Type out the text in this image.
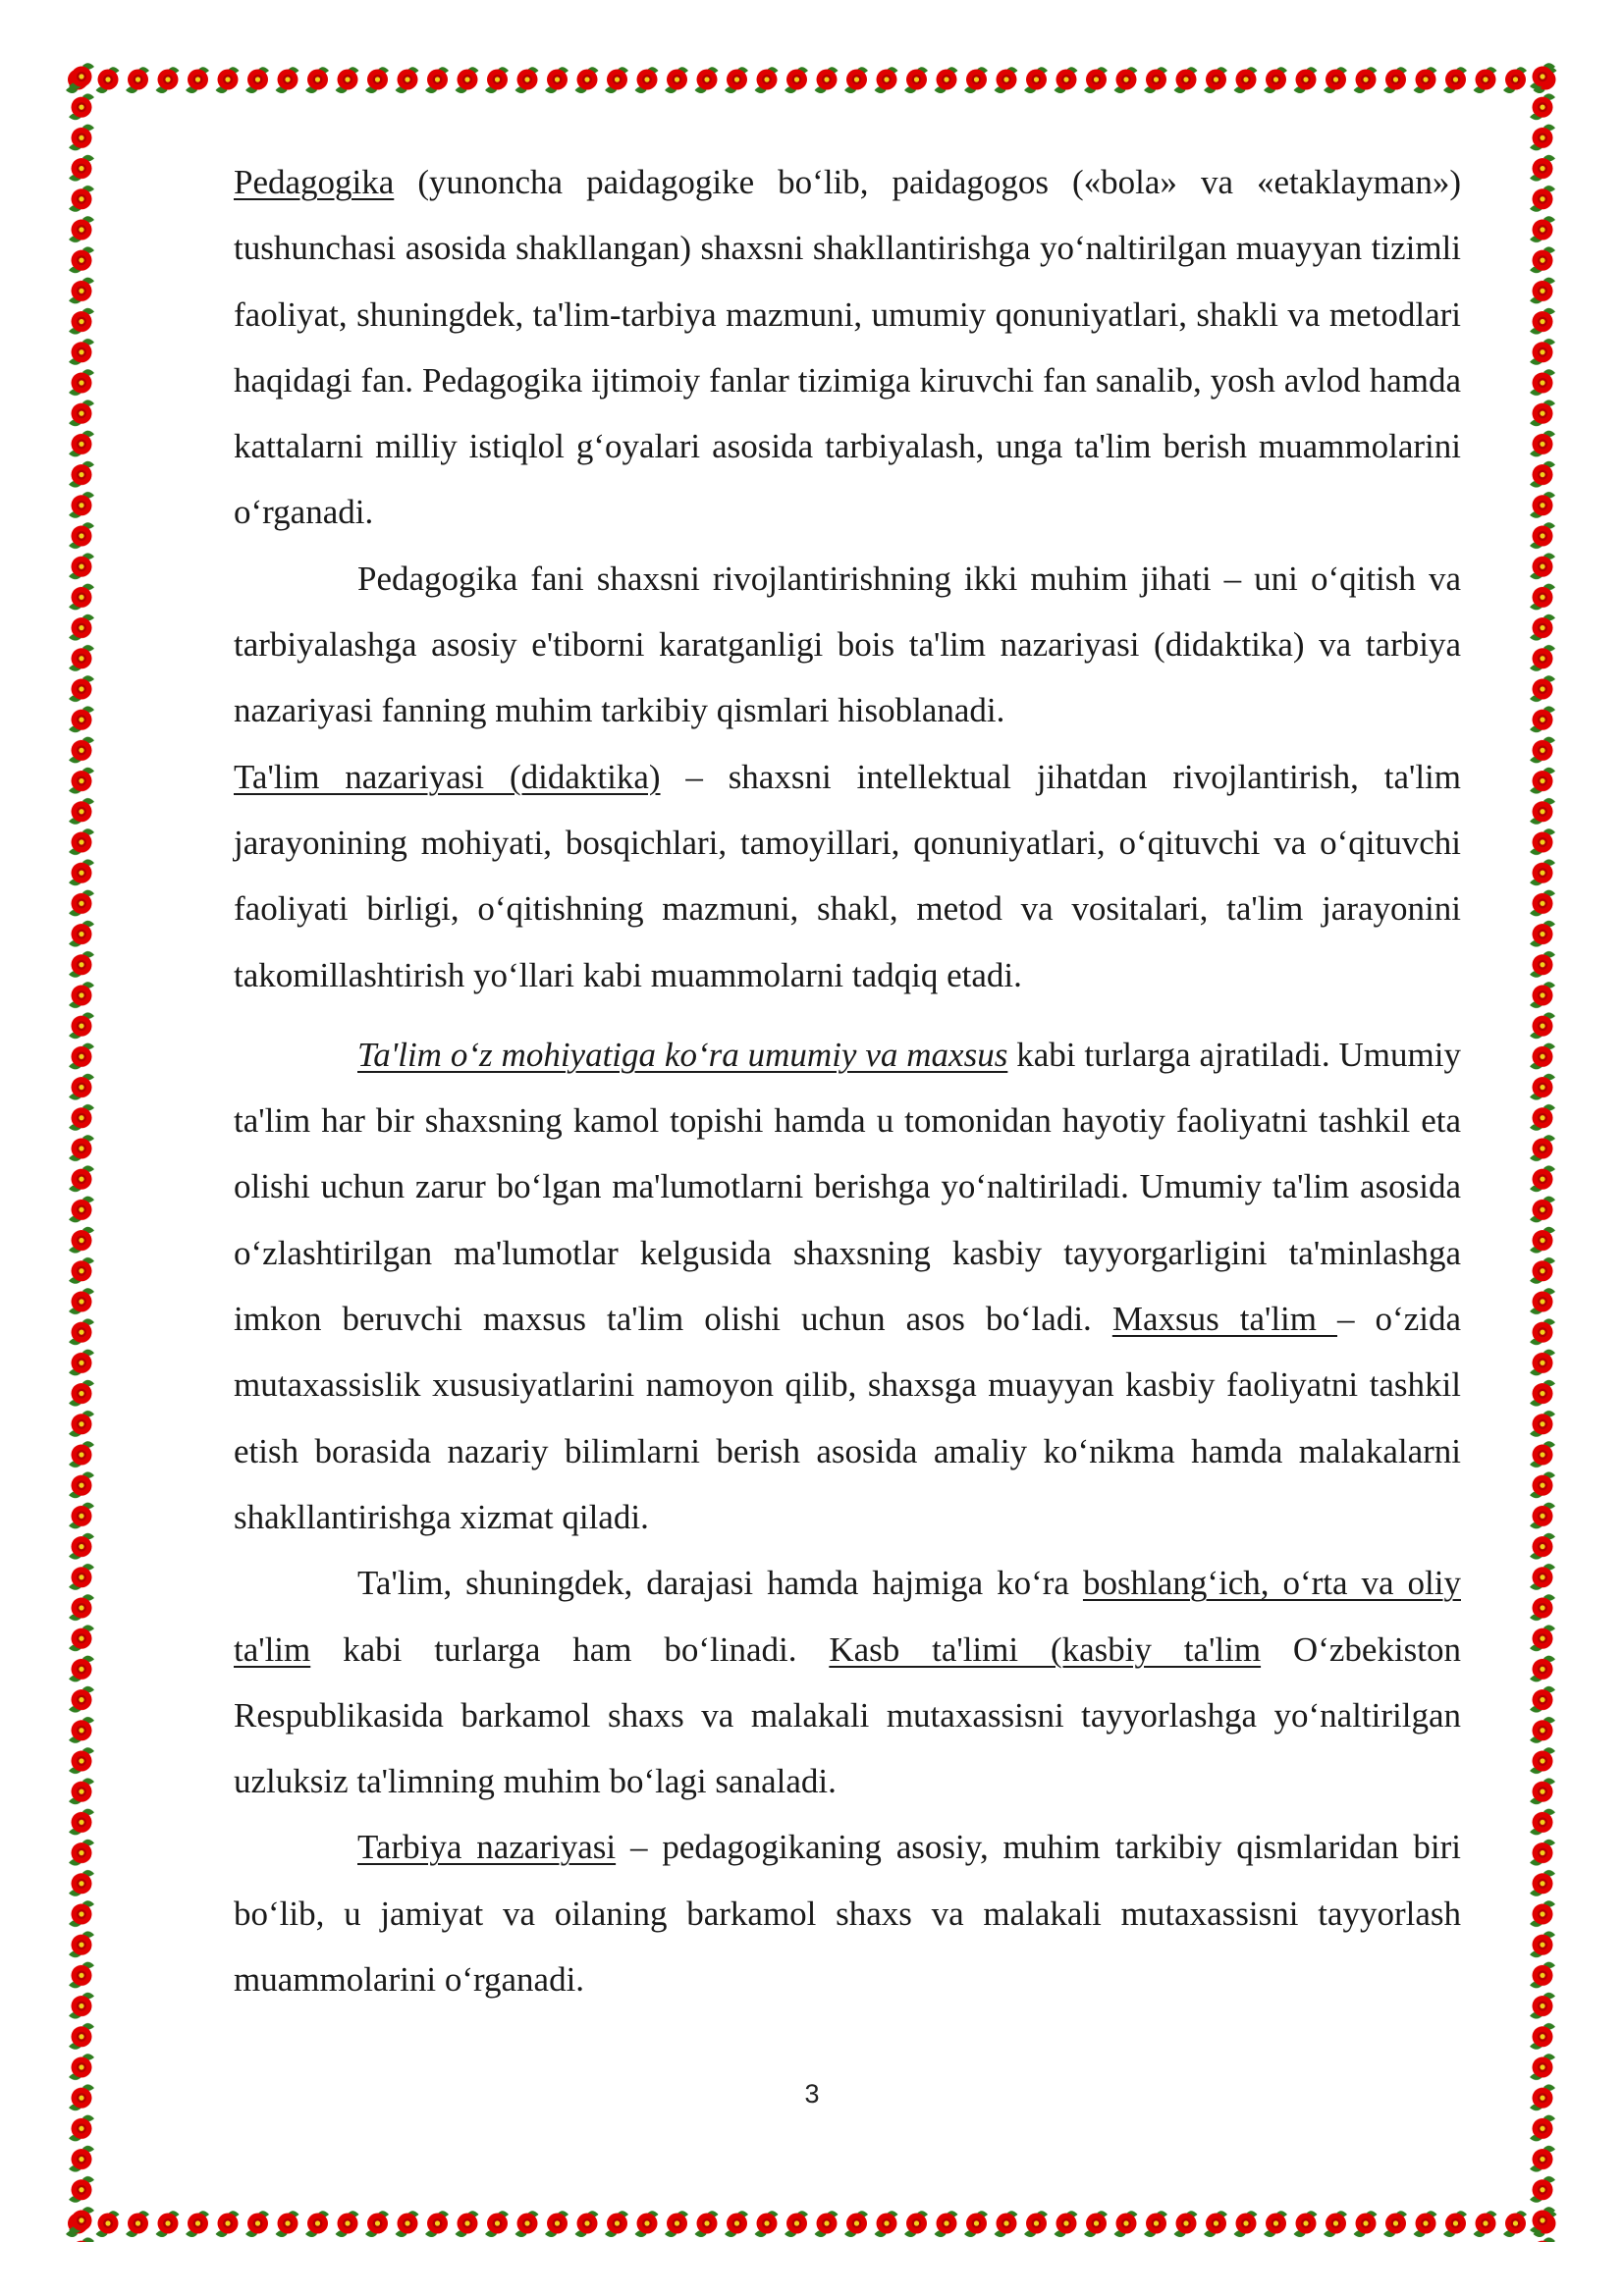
Pedagogika (yunoncha paidagogike bo‘lib, paidagogos («bola» va «etaklayman») tushunchasi asosida shakllangan) shaxsni shakllantirishga yo‘naltirilgan muayyan tizimli faoliyat, shuningdek, ta'lim-tarbiya mazmuni, umumiy qonuniyatlari, shakli va metodlari haqidagi fan. Pedagogika ijtimoiy fanlar tizimiga kiruvchi fan sanalib, yosh avlod hamda kattalarni milliy istiqlol g‘oyalari asosida tarbiyalash, unga ta'lim berish muammolarini o‘rganadi.

Pedagogika fani shaxsni rivojlantirishning ikki muhim jihati – uni o‘qitish va tarbiyalashga asosiy e'tiborni karatganligi bois ta'lim nazariyasi (didaktika) va tarbiya nazariyasi fanning muhim tarkibiy qismlari hisoblanadi.

Ta'lim nazariyasi (didaktika) – shaxsni intellektual jihatdan rivojlantirish, ta'lim jarayonining mohiyati, bosqichlari, tamoyillari, qonuniyatlari, o‘qituvchi va o‘qituvchi faoliyati birligi, o‘qitishning mazmuni, shakl, metod va vositalari, ta'lim jarayonini takomillashtirish yo‘llari kabi muammolarni tadqiq etadi.

Ta'lim o‘z mohiyatiga ko‘ra umumiy va maxsus kabi turlarga ajratiladi. Umumiy ta'lim har bir shaxsning kamol topishi hamda u tomonidan hayotiy faoliyatni tashkil eta olishi uchun zarur bo‘lgan ma'lumotlarni berishga yo‘naltiriladi. Umumiy ta'lim asosida o‘zlashtirilgan ma'lumotlar kelgusida shaxsning kasbiy tayyorgarligini ta'minlashga imkon beruvchi maxsus ta'lim olishi uchun asos bo‘ladi. Maxsus ta'lim – o‘zida mutaxassislik xususiyatlarini namoyon qilib, shaxsga muayyan kasbiy faoliyatni tashkil etish borasida nazariy bilimlarni berish asosida amaliy ko‘nikma hamda malakalarni shakllantirishga xizmat qiladi.

Ta'lim, shuningdek, darajasi hamda hajmiga ko‘ra boshlang‘ich, o‘rta va oliy ta'lim kabi turlarga ham bo‘linadi. Kasb ta'limi (kasbiy ta'lim O‘zbekiston Respublikasida barkamol shaxs va malakali mutaxassisni tayyorlashga yo‘naltirilgan uzluksiz ta'limning muhim bo‘lagi sanaladi.

Tarbiya nazariyasi – pedagogikaning asosiy, muhim tarkibiy qismlaridan biri bo‘lib, u jamiyat va oilaning barkamol shaxs va malakali mutaxassisni tayyorlash muammolarini o‘rganadi.

3
